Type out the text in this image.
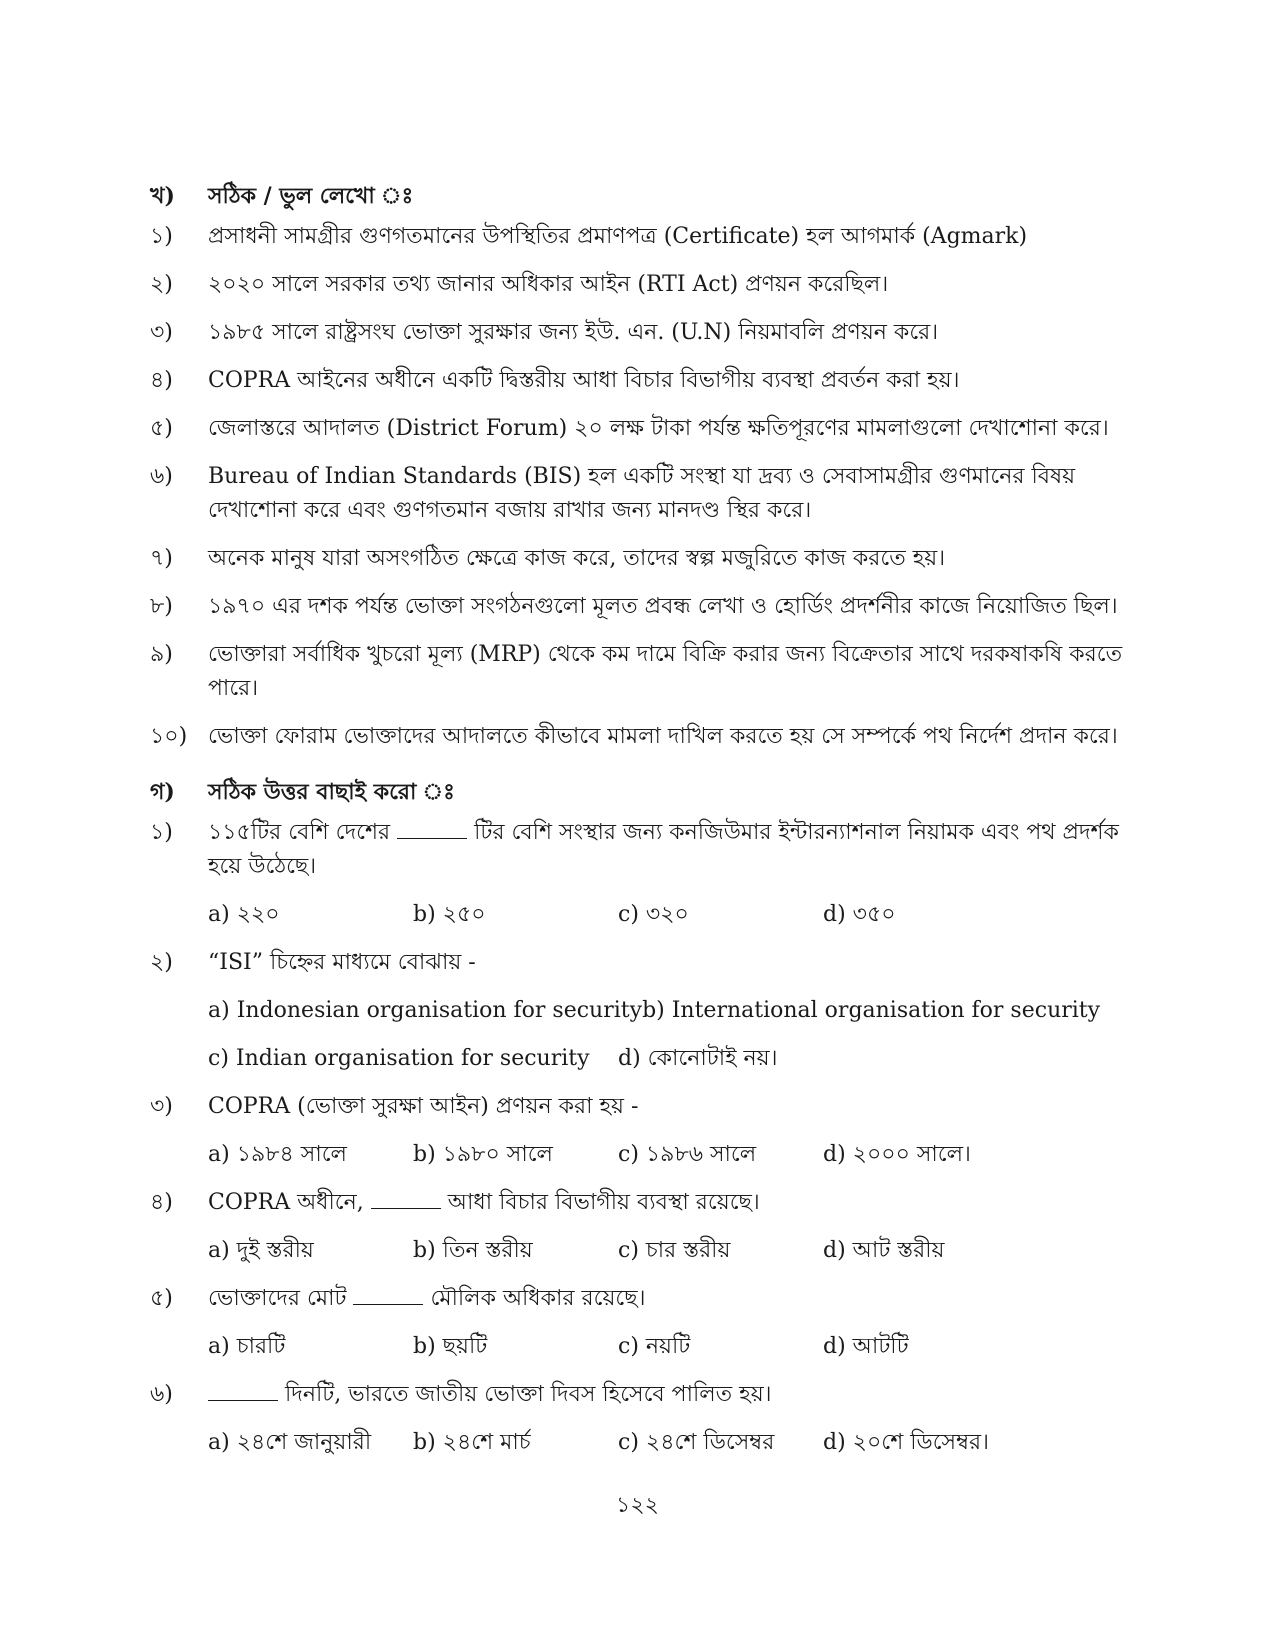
খ)	সঠিক / ভুল লেখো ঃ
১)	প্রসাধনী সামগ্রীর গুণগতমানের উপস্থিতির প্রমাণপত্র (Certificate) হল আগমার্ক (Agmark)
২)	২০২০ সালে সরকার তথ্য জানার অধিকার আইন (RTI Act) প্রণয়ন করেছিল।
৩)	১৯৮৫ সালে রাষ্ট্রসংঘ ভোক্তা সুরক্ষার জন্য ইউ. এন. (U.N) নিয়মাবলি প্রণয়ন করে।
৪)	COPRA আইনের অধীনে একটি দ্বিস্তরীয় আধা বিচার বিভাগীয় ব্যবস্থা প্রবর্তন করা হয়।
৫)	জেলাস্তরে আদালত (District Forum) ২০ লক্ষ টাকা পর্যন্ত ক্ষতিপূরণের মামলাগুলো দেখাশোনা করে।
৬)	Bureau of Indian Standards (BIS) হল একটি সংস্থা যা দ্রব্য ও সেবাসামগ্রীর গুণমানের বিষয় দেখাশোনা করে এবং গুণগতমান বজায় রাখার জন্য মানদণ্ড স্থির করে।
৭)	অনেক মানুষ যারা অসংগঠিত ক্ষেত্রে কাজ করে, তাদের স্বল্প মজুরিতে কাজ করতে হয়।
৮)	১৯৭০ এর দশক পর্যন্ত ভোক্তা সংগঠনগুলো মূলত প্রবন্ধ লেখা ও হোর্ডিং প্রদর্শনীর কাজে নিয়োজিত ছিল।
৯)	ভোক্তারা সর্বাধিক খুচরো মূল্য (MRP) থেকে কম দামে বিক্রি করার জন্য বিক্রেতার সাথে দরকষাকষি করতে পারে।
১০) ভোক্তা ফোরাম ভোক্তাদের আদালতে কীভাবে মামলা দাখিল করতে হয় সে সম্পর্কে পথ নির্দেশ প্রদান করে।
গ)	সঠিক উত্তর বাছাই করো ঃ
১)	১১৫টির বেশি দেশের	টির বেশি সংস্থার জন্য কনজিউমার ইন্টারন্যাশনাল নিয়ামক এবং পথ প্রদর্শক হয়ে উঠেছে।
a) ২২০	b) ২৫০	c) ৩২০	d) ৩৫০
২)	“ISI” চিহ্নের মাধ্যমে বোঝায় -
a) Indonesian organisation for security b) International organisation for security
c) Indian organisation for security	d) কোনোটাই নয়।
৩)	COPRA (ভোক্তা সুরক্ষা আইন) প্রণয়ন করা হয় -
a) ১৯৮৪ সালে	b) ১৯৮০ সালে	c) ১৯৮৬ সালে	d) ২০০০ সালে।
৪)	COPRA অধীনে,	আধা বিচার বিভাগীয় ব্যবস্থা রয়েছে।
a) দুই স্তরীয়	b) তিন স্তরীয়	c) চার স্তরীয়	d) আট স্তরীয়
৫)	ভোক্তাদের মোট	মৌলিক অধিকার রয়েছে।
a) চারটি	b) ছয়টি	c) নয়টি	d) আটটি
৬)	দিনটি, ভারতে জাতীয় ভোক্তা দিবস হিসেবে পালিত হয়।
a) ২৪শে জানুয়ারী	b) ২৪শে মার্চ	c) ২৪শে ডিসেম্বর	d) ২০শে ডিসেম্বর।
১২২
